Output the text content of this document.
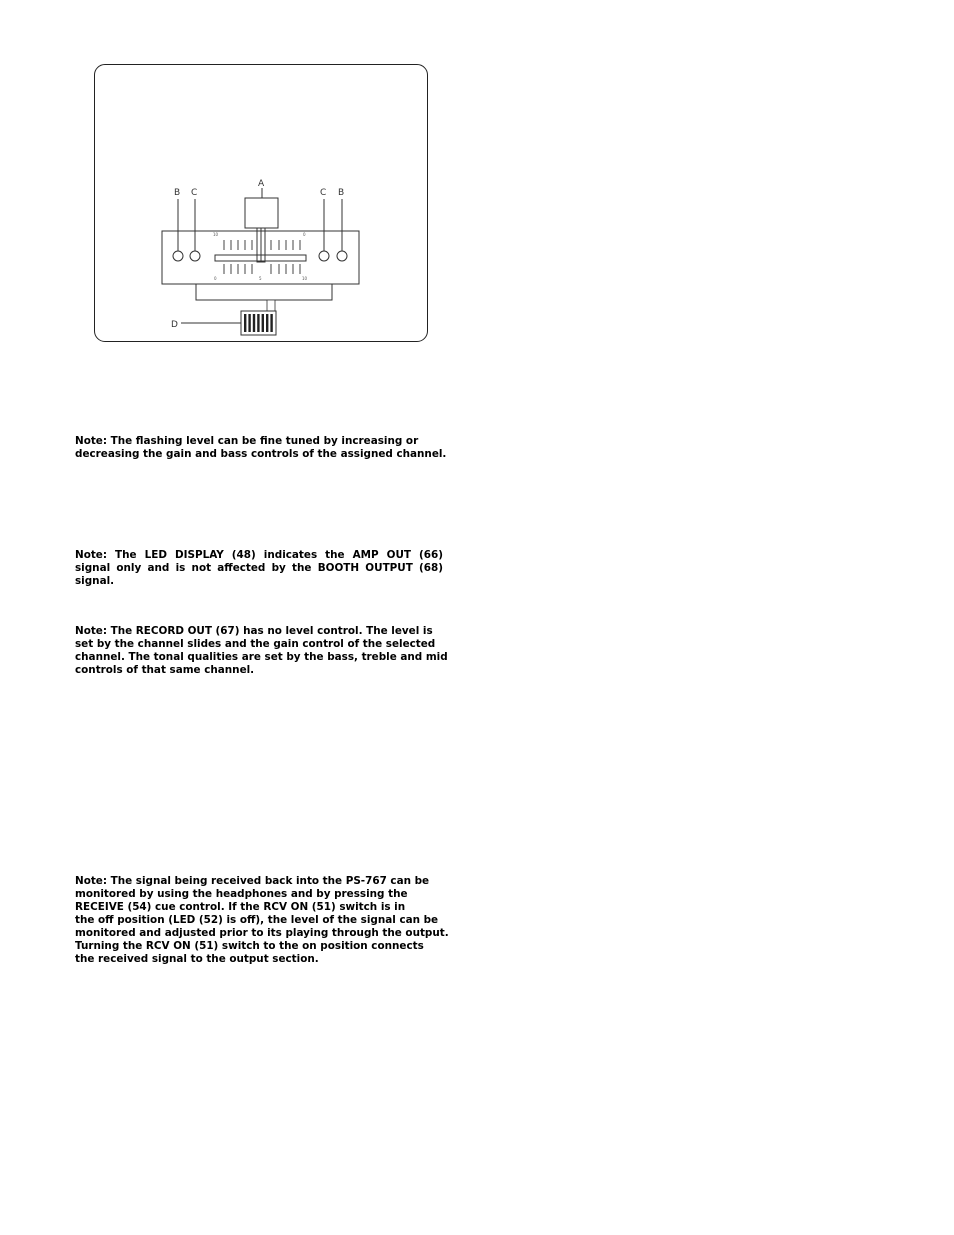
B C
A
C B
D
10	0
0	5	10
Note: The flashing level can be fine tuned by increasing or
decreasing the gain and bass controls of the assigned channel.
Note: The LED DISPLAY (48) indicates the AMP OUT (66)
signal only and is not affected by the BOOTH OUTPUT (68)
signal.
Note: The RECORD OUT (67) has no level control. The level is
set by the channel slides and the gain control of the selected
channel. The tonal qualities are set by the bass, treble and mid
controls of that same channel.
Note: The signal being received back into the PS-767 can be
monitored by using the headphones and by pressing the
RECEIVE (54) cue control. If the RCV ON (51) switch is in
the off position (LED (52) is off), the level of the signal can be
monitored and adjusted prior to its playing through the output.
Turning the RCV ON (51) switch to the on position connects
the received signal to the output section.
